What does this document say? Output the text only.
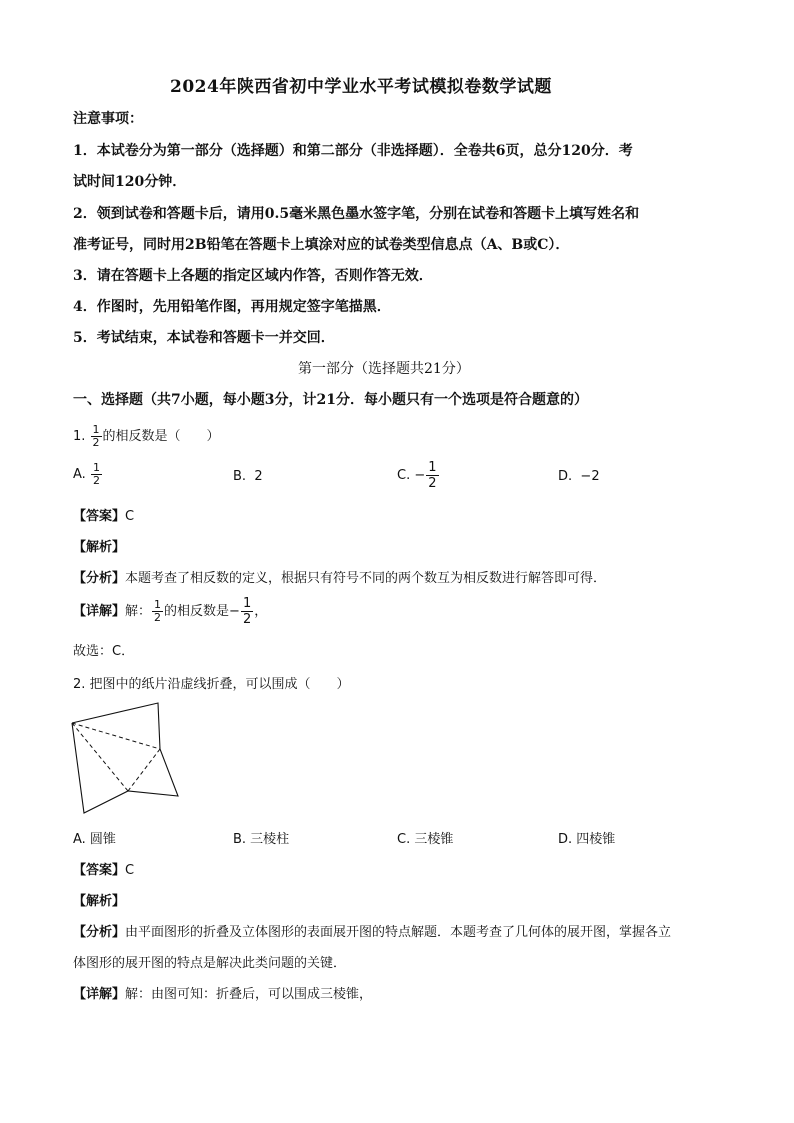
2024年陕西省初中学业水平考试模拟卷数学试题
注意事项：
1．本试卷分为第一部分（选择题）和第二部分（非选择题）．全卷共6页，总分120分．考
试时间120分钟．
2．领到试卷和答题卡后，请用0.5毫米黑色墨水签字笔，分别在试卷和答题卡上填写姓名和
准考证号，同时用2B铅笔在答题卡上填涂对应的试卷类型信息点（A、B或C）．
3．请在答题卡上各题的指定区域内作答，否则作答无效．
4．作图时，先用铅笔作图，再用规定签字笔描黑．
5．考试结束，本试卷和答题卡一并交回．
第一部分（选择题共21分）
一、选择题（共7小题，每小题3分，计21分．每小题只有一个选项是符合题意的）
1. $\frac{1}{2}$ 的相反数是（　　）
A. $\frac{1}{2}$	B. 2	C. − $\frac{1}{2}$	D. −2
【答案】C
【解析】
【分析】本题考查了相反数的定义，根据只有符号不同的两个数互为相反数进行解答即可得．
【详解】解： $\frac{1}{2}$ 的相反数是− $\frac{1}{2}$ ，
故选：C．
2. 把图中的纸片沿虚线折叠，可以围成（　　）
A. 圆锥	B. 三棱柱	C. 三棱锥	D. 四棱锥
【答案】C
【解析】
【分析】由平面图形的折叠及立体图形的表面展开图的特点解题．本题考查了几何体的展开图，掌握各立
体图形的展开图的特点是解决此类问题的关键．
【详解】解：由图可知：折叠后，可以围成三棱锥，
